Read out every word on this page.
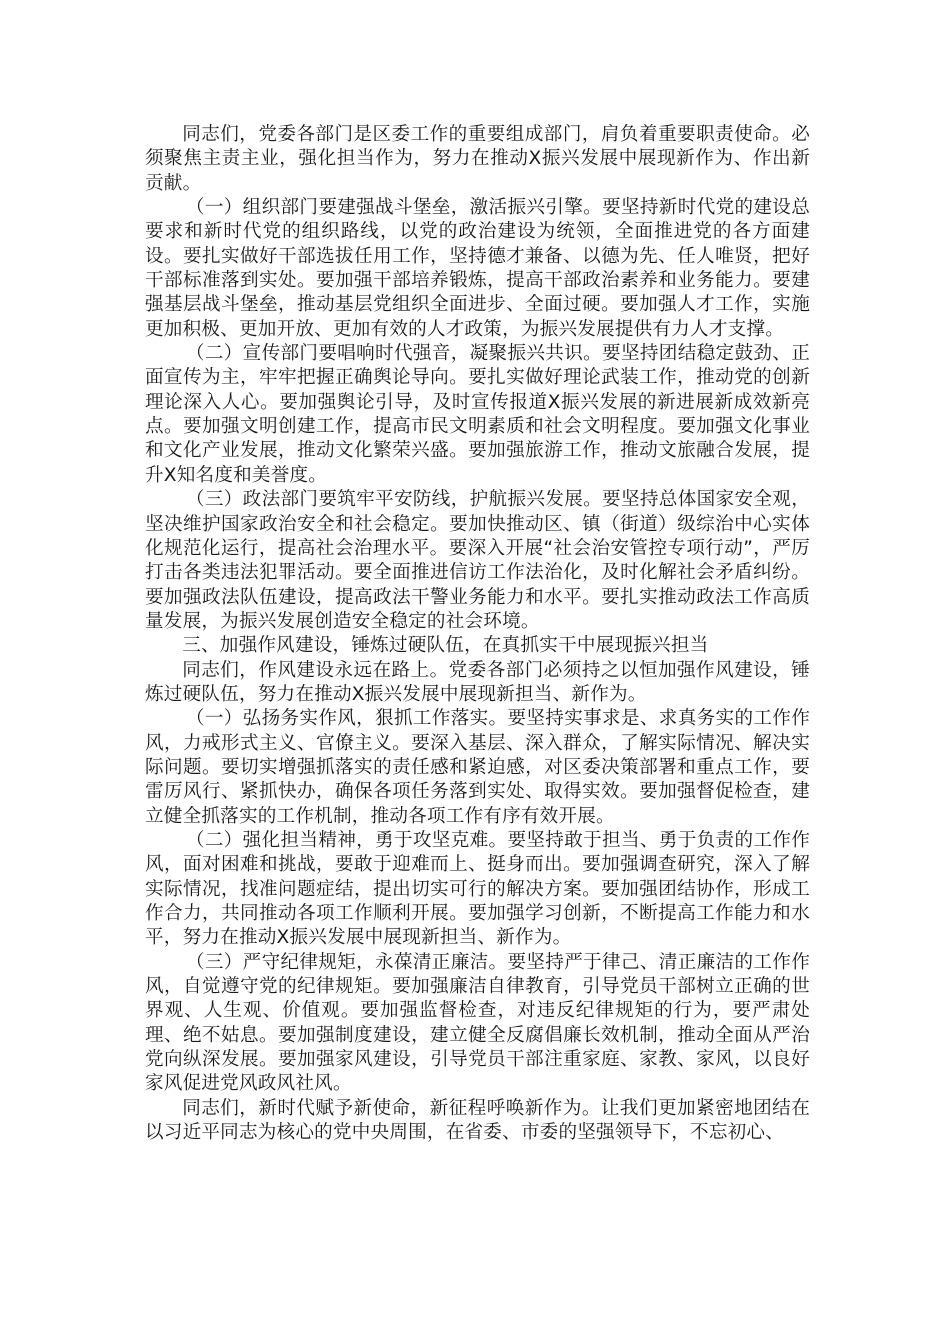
同志们，党委各部门是区委工作的重要组成部门，肩负着重要职责使命。必须聚焦主责主业，强化担当作为，努力在推动X振兴发展中展现新作为、作出新贡献。

（一）组织部门要建强战斗堡垒，激活振兴引擎。要坚持新时代党的建设总要求和新时代党的组织路线，以党的政治建设为统领，全面推进党的各方面建设。要扎实做好干部选拔任用工作，坚持德才兼备、以德为先、任人唯贤，把好干部标准落到实处。要加强干部培养锻炼，提高干部政治素养和业务能力。要建强基层战斗堡垒，推动基层党组织全面进步、全面过硬。要加强人才工作，实施更加积极、更加开放、更加有效的人才政策，为振兴发展提供有力人才支撑。

（二）宣传部门要唱响时代强音，凝聚振兴共识。要坚持团结稳定鼓劲、正面宣传为主，牢牢把握正确舆论导向。要扎实做好理论武装工作，推动党的创新理论深入人心。要加强舆论引导，及时宣传报道X振兴发展的新进展新成效新亮点。要加强文明创建工作，提高市民文明素质和社会文明程度。要加强文化事业和文化产业发展，推动文化繁荣兴盛。要加强旅游工作，推动文旅融合发展，提升X知名度和美誉度。

（三）政法部门要筑牢平安防线，护航振兴发展。要坚持总体国家安全观，坚决维护国家政治安全和社会稳定。要加快推动区、镇（街道）级综治中心实体化规范化运行，提高社会治理水平。要深入开展“社会治安管控专项行动”，严厉打击各类违法犯罪活动。要全面推进信访工作法治化，及时化解社会矛盾纠纷。要加强政法队伍建设，提高政法干警业务能力和水平。要扎实推动政法工作高质量发展，为振兴发展创造安全稳定的社会环境。

三、加强作风建设，锤炼过硬队伍，在真抓实干中展现振兴担当

同志们，作风建设永远在路上。党委各部门必须持之以恒加强作风建设，锤炼过硬队伍，努力在推动X振兴发展中展现新担当、新作为。

（一）弘扬务实作风，狠抓工作落实。要坚持实事求是、求真务实的工作作风，力戒形式主义、官僚主义。要深入基层、深入群众，了解实际情况、解决实际问题。要切实增强抓落实的责任感和紧迫感，对区委决策部署和重点工作，要雷厉风行、紧抓快办，确保各项任务落到实处、取得实效。要加强督促检查，建立健全抓落实的工作机制，推动各项工作有序有效开展。

（二）强化担当精神，勇于攻坚克难。要坚持敢于担当、勇于负责的工作作风，面对困难和挑战，要敢于迎难而上、挺身而出。要加强调查研究，深入了解实际情况，找准问题症结，提出切实可行的解决方案。要加强团结协作，形成工作合力，共同推动各项工作顺利开展。要加强学习创新，不断提高工作能力和水平，努力在推动X振兴发展中展现新担当、新作为。

（三）严守纪律规矩，永葆清正廉洁。要坚持严于律己、清正廉洁的工作作风，自觉遵守党的纪律规矩。要加强廉洁自律教育，引导党员干部树立正确的世界观、人生观、价值观。要加强监督检查，对违反纪律规矩的行为，要严肃处理、绝不姑息。要加强制度建设，建立健全反腐倡廉长效机制，推动全面从严治党向纵深发展。要加强家风建设，引导党员干部注重家庭、家教、家风，以良好家风促进党风政风社风。

同志们，新时代赋予新使命，新征程呼唤新作为。让我们更加紧密地团结在以习近平同志为核心的党中央周围，在省委、市委的坚强领导下，不忘初心、
